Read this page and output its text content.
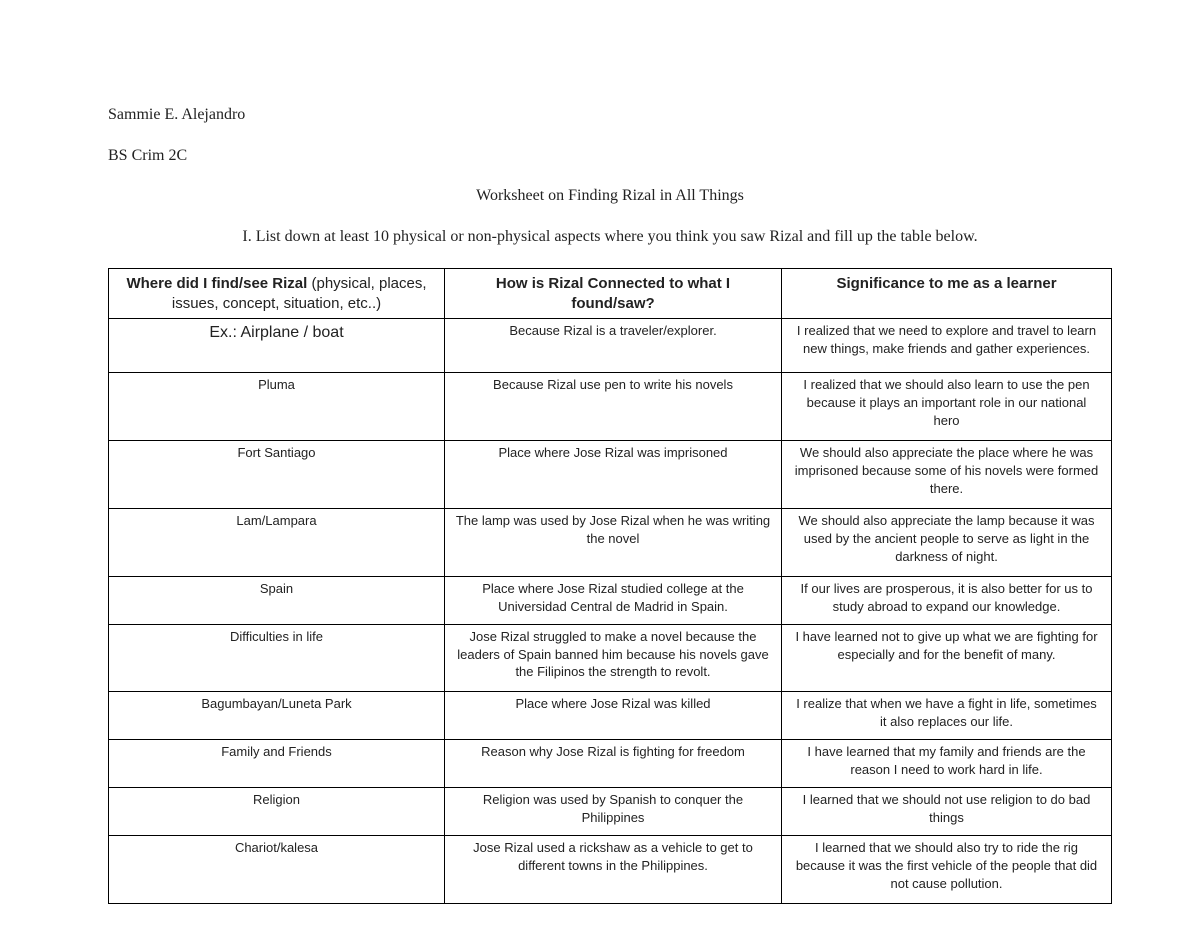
Sammie E. Alejandro

BS Crim 2C

Worksheet on Finding Rizal in All Things

I. List down at least 10 physical or non-physical aspects where you think you saw Rizal and fill up the table below.

Where did I find/see Rizal (physical, places, issues, concept, situation, etc..)	How is Rizal Connected to what I found/saw?	Significance to me as a learner
Ex.: Airplane / boat	Because Rizal is a traveler/explorer.	I realized that we need to explore and travel to learn new things, make friends and gather experiences.
Pluma	Because Rizal use pen to write his novels	I realized that we should also learn to use the pen because it plays an important role in our national hero
Fort Santiago	Place where Jose Rizal was imprisoned	We should also appreciate the place where he was imprisoned because some of his novels were formed there.
Lam/Lampara	The lamp was used by Jose Rizal when he was writing the novel	We should also appreciate the lamp because it was used by the ancient people to serve as light in the darkness of night.
Spain	Place where Jose Rizal studied college at the Universidad Central de Madrid in Spain.	If our lives are prosperous, it is also better for us to study abroad to expand our knowledge.
Difficulties in life	Jose Rizal struggled to make a novel because the leaders of Spain banned him because his novels gave the Filipinos the strength to revolt.	I have learned not to give up what we are fighting for especially and for the benefit of many.
Bagumbayan/Luneta Park	Place where Jose Rizal was killed	I realize that when we have a fight in life, sometimes it also replaces our life.
Family and Friends	Reason why Jose Rizal is fighting for freedom	I have learned that my family and friends are the reason I need to work hard in life.
Religion	Religion was used by Spanish to conquer the Philippines	I learned that we should not use religion to do bad things
Chariot/kalesa	Jose Rizal used a rickshaw as a vehicle to get to different towns in the Philippines.	I learned that we should also try to ride the rig because it was the first vehicle of the people that did not cause pollution.
